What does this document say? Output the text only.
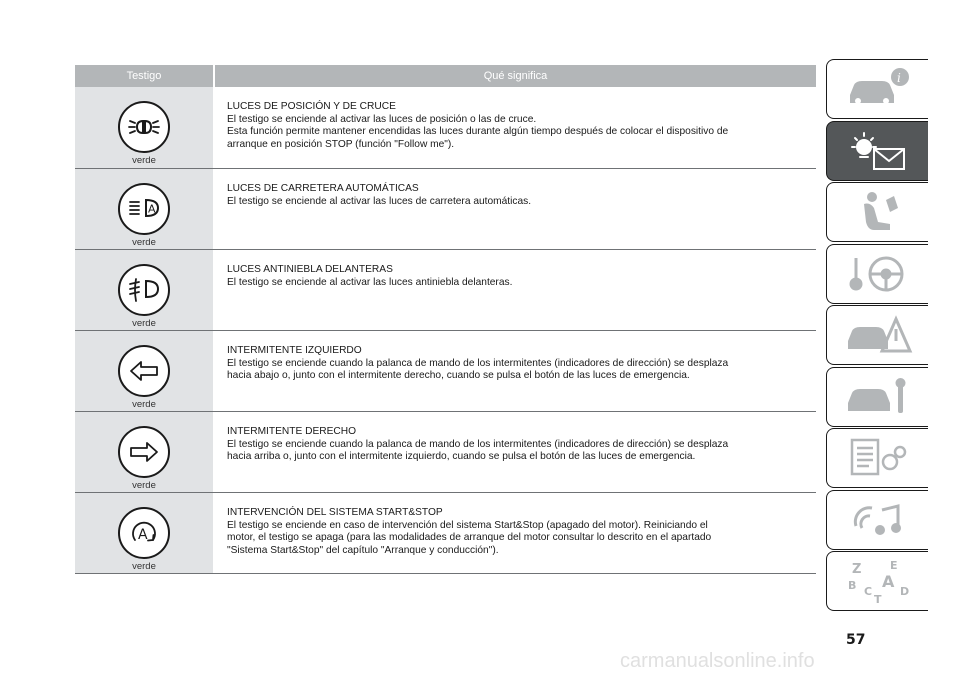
Testigo	Qué significa
verde
LUCES DE POSICIÓN Y DE CRUCE
El testigo se enciende al activar las luces de posición o las de cruce.
Esta función permite mantener encendidas las luces durante algún tiempo después de colocar el dispositivo de
arranque en posición STOP (función "Follow me").
A
verde
LUCES DE CARRETERA AUTOMÁTICAS
El testigo se enciende al activar las luces de carretera automáticas.
verde
LUCES ANTINIEBLA DELANTERAS
El testigo se enciende al activar las luces antiniebla delanteras.
verde
INTERMITENTE IZQUIERDO
El testigo se enciende cuando la palanca de mando de los intermitentes (indicadores de dirección) se desplaza
hacia abajo o, junto con el intermitente derecho, cuando se pulsa el botón de las luces de emergencia.
verde
INTERMITENTE DERECHO
El testigo se enciende cuando la palanca de mando de los intermitentes (indicadores de dirección) se desplaza
hacia arriba o, junto con el intermitente izquierdo, cuando se pulsa el botón de las luces de emergencia.
A
verde
INTERVENCIÓN DEL SISTEMA START&STOP
El testigo se enciende en caso de intervención del sistema Start&Stop (apagado del motor). Reiniciando el
motor, el testigo se apaga (para las modalidades de arranque del motor consultar lo descrito en el apartado
"Sistema Start&Stop" del capítulo "Arranque y conducción").
i
Z	E
A
B C
T
D
57
carmanualsonline.info
